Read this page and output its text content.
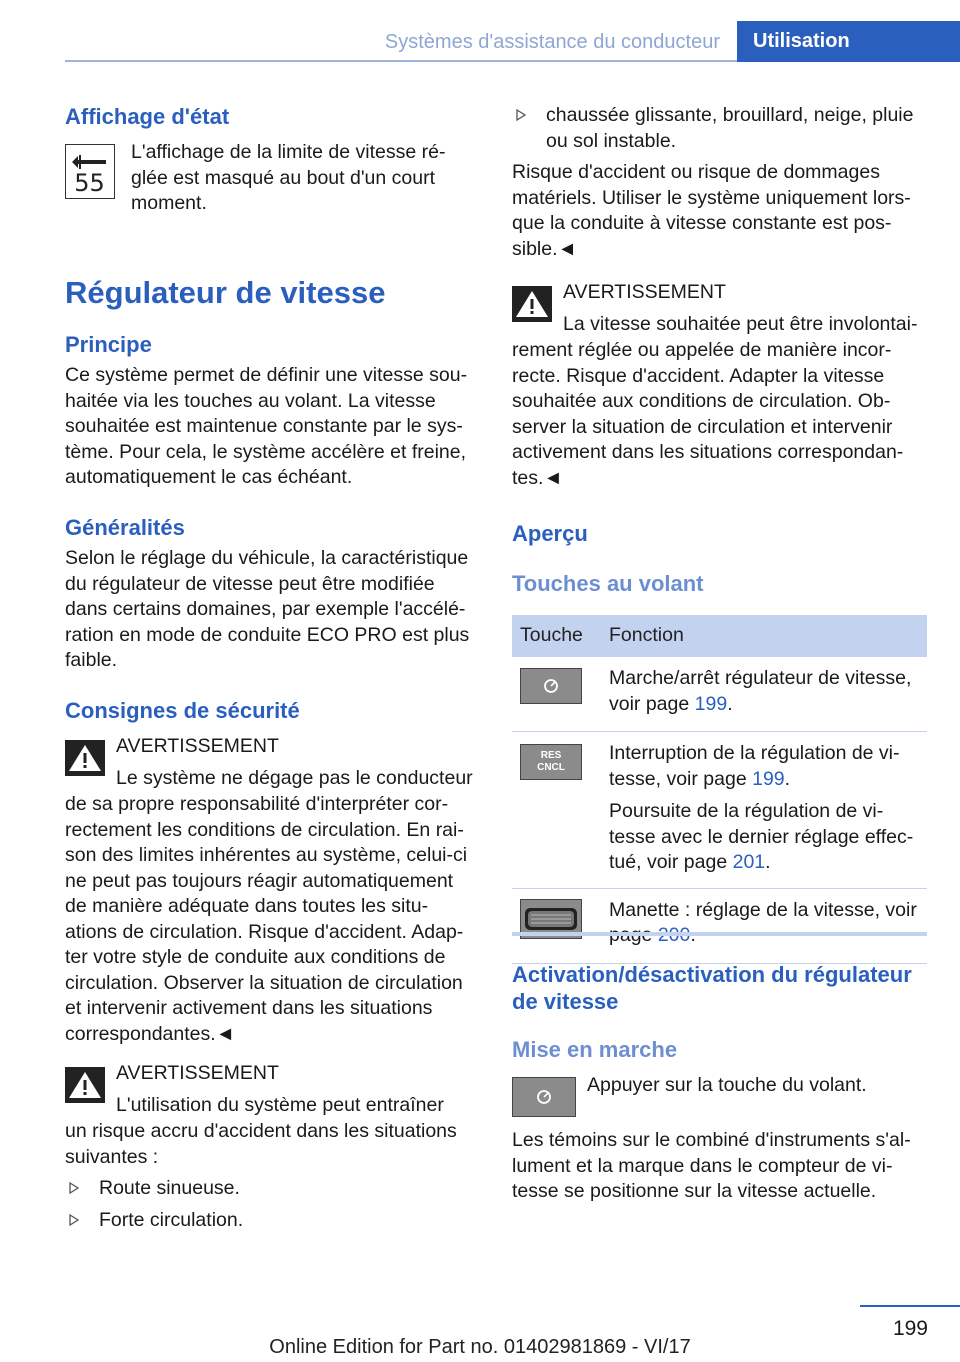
Systèmes d'assistance du conducteur	Utilisation
Affichage d'état
55
L'affichage de la limite de vitesse ré-
glée est masqué au bout d'un court
moment.
Régulateur de vitesse
Principe
Ce système permet de définir une vitesse sou-
haitée via les touches au volant. La vitesse
souhaitée est maintenue constante par le sys-
tème. Pour cela, le système accélère et freine,
automatiquement le cas échéant.
Généralités
Selon le réglage du véhicule, la caractéristique
du régulateur de vitesse peut être modifiée
dans certains domaines, par exemple l'accélé-
ration en mode de conduite ECO PRO est plus
faible.
Consignes de sécurité
AVERTISSEMENT
Le système ne dégage pas le conducteur
de sa propre responsabilité d'interpréter cor-
rectement les conditions de circulation. En rai-
son des limites inhérentes au système, celui-ci
ne peut pas toujours réagir automatiquement
de manière adéquate dans toutes les situ-
ations de circulation. Risque d'accident. Adap-
ter votre style de conduite aux conditions de
circulation. Observer la situation de circulation
et intervenir activement dans les situations
correspondantes.◄
AVERTISSEMENT
L'utilisation du système peut entraîner
un risque accru d'accident dans les situations
suivantes :
Route sinueuse.
Forte circulation.
chaussée glissante, brouillard, neige, pluie
ou sol instable.
Risque d'accident ou risque de dommages
matériels. Utiliser le système uniquement lors-
que la conduite à vitesse constante est pos-
sible.◄
AVERTISSEMENT
La vitesse souhaitée peut être involontai-
rement réglée ou appelée de manière incor-
recte. Risque d'accident. Adapter la vitesse
souhaitée aux conditions de circulation. Ob-
server la situation de circulation et intervenir
activement dans les situations correspondan-
tes.◄
Aperçu
Touches au volant
Touche	Fonction

Marche/arrêt régulateur de vitesse,
voir page 199.

RES
CNCL	Interruption de la régulation de vi-
tesse, voir page 199.
Poursuite de la régulation de vi-
tesse avec le dernier réglage effec-
tué, voir page 201.

Manette : réglage de la vitesse, voir
Activation/désactivation du régulateur
de vitesse
Mise en marche
Appuyer sur la touche du volant.
Les témoins sur le combiné d'instruments s'al-
lument et la marque dans le compteur de vi-
tesse se positionne sur la vitesse actuelle.
199
Online Edition for Part no. 01402981869 - VI/17
